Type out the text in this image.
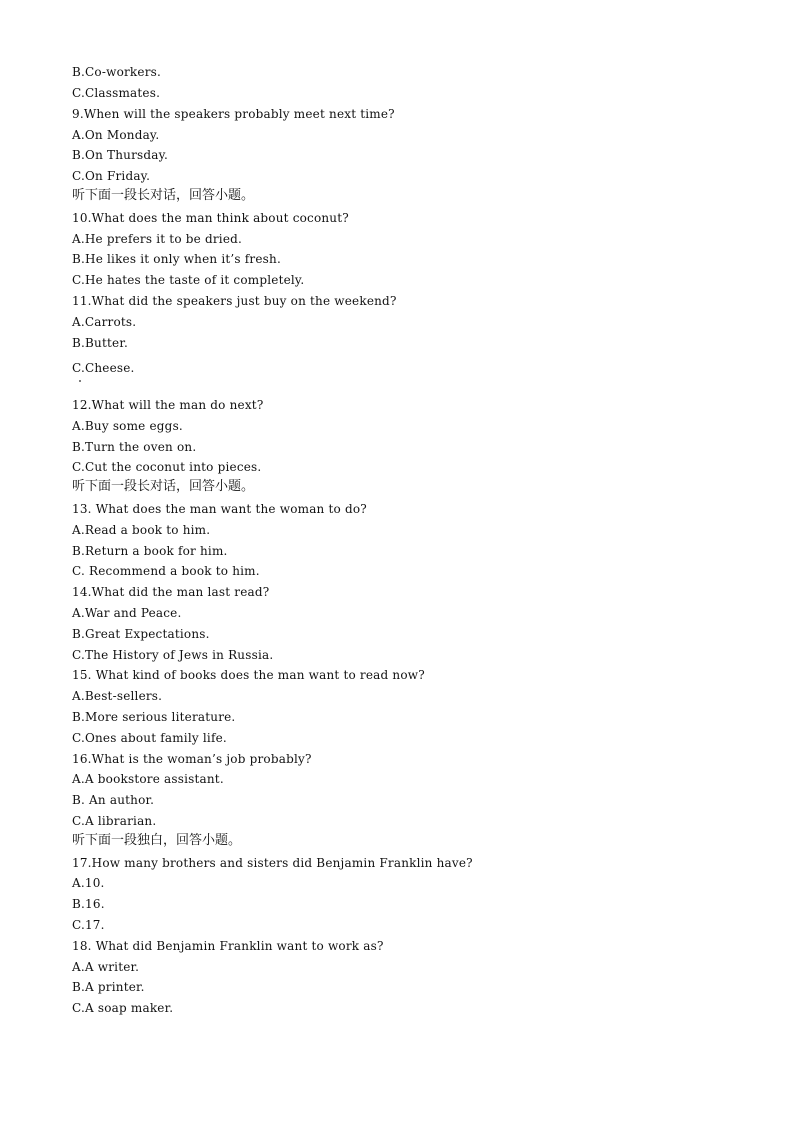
B.Co-workers.
C.Classmates.
9.When will the speakers probably meet next time?
A.On Monday.
B.On Thursday.
C.On Friday.
听下面一段长对话，回答小题。
10.What does the man think about coconut?
A.He prefers it to be dried.
B.He likes it only when it’s fresh.
C.He hates the taste of it completely.
11.What did the speakers just buy on the weekend?
A.Carrots.
B.Butter.
C.Cheese.
12.What will the man do next?
A.Buy some eggs.
B.Turn the oven on.
C.Cut the coconut into pieces.
听下面一段长对话，回答小题。
13. What does the man want the woman to do?
A.Read a book to him.
B.Return a book for him.
C. Recommend a book to him.
14.What did the man last read?
A.War and Peace.
B.Great Expectations.
C.The History of Jews in Russia.
15. What kind of books does the man want to read now?
A.Best-sellers.
B.More serious literature.
C.Ones about family life.
16.What is the woman’s job probably?
A.A bookstore assistant.
B. An author.
C.A librarian.
听下面一段独白，回答小题。
17.How many brothers and sisters did Benjamin Franklin have?
A.10.
B.16.
C.17.
18. What did Benjamin Franklin want to work as?
A.A writer.
B.A printer.
C.A soap maker.
